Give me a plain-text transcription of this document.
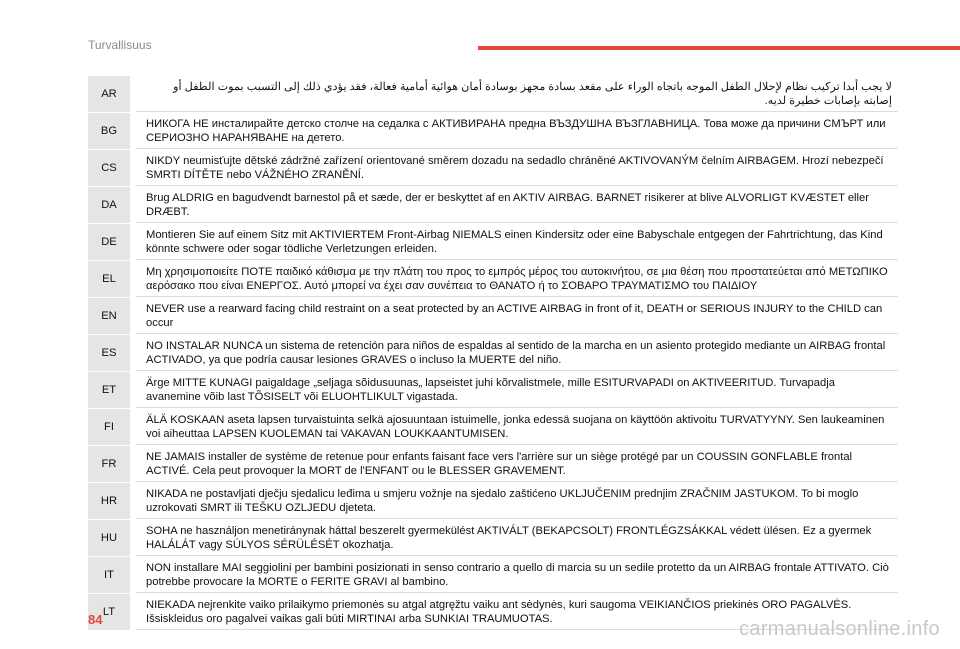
Turvallisuus
AR	لا يجب أبدا تركيب نظام لإحلال الطفل الموجه باتجاه الوراء على مقعد بسادة مجهز بوسادة أمان هوائية أمامية فعالة، فقد يؤدي ذلك إلى التسبب بموت الطفل أو إصابته بإصابات خطيرة لديه.
BG	НИКОГА НЕ инсталирайте детско столче на седалка с АКТИВИРАНА предна ВЪЗДУШНА ВЪЗГЛАВНИЦА. Това може да причини СМЪРТ или СЕРИОЗНО НАРАНЯВАНЕ на детето.
CS	NIKDY neumisťujte dětské zádržné zařízení orientované směrem dozadu na sedadlo chráněné AKTIVOVANÝM čelním AIRBAGEM. Hrozí nebezpečí SMRTI DÍTĚTE nebo VÁŽNÉHO ZRANĚNÍ.
DA	Brug ALDRIG en bagudvendt barnestol på et sæde, der er beskyttet af en AKTIV AIRBAG. BARNET risikerer at blive ALVORLIGT KVÆSTET eller DRÆBT.
DE	Montieren Sie auf einem Sitz mit AKTIVIERTEM Front-Airbag NIEMALS einen Kindersitz oder eine Babyschale entgegen der Fahrtrichtung, das Kind könnte schwere oder sogar tödliche Verletzungen erleiden.
EL	Μη χρησιμοποιείτε ΠΟΤΕ παιδικό κάθισμα με την πλάτη του προς το εμπρός μέρος του αυτοκινήτου, σε μια θέση που προστατεύεται από ΜΕΤΩΠΙΚΟ αερόσακο που είναι ΕΝΕΡΓΟΣ. Αυτό μπορεί να έχει σαν συνέπεια το ΘΑΝΑΤΟ ή το ΣΟΒΑΡΟ ΤΡΑΥΜΑΤΙΣΜΟ του ΠΑΙΔΙΟΥ
EN	NEVER use a rearward facing child restraint on a seat protected by an ACTIVE AIRBAG in front of it, DEATH or SERIOUS INJURY to the CHILD can occur
ES	NO INSTALAR NUNCA un sistema de retención para niños de espaldas al sentido de la marcha en un asiento protegido mediante un AIRBAG frontal ACTIVADO, ya que podría causar lesiones GRAVES o incluso la MUERTE del niño.
ET	Ärge MITTE KUNAGI paigaldage „seljaga sõidusuunas„ lapseistet juhi kõrvalistmele, mille ESITURVAPADI on AKTIVEERITUD. Turvapadja avanemine võib last TÕSISELT või ELUOHTLIKULT vigastada.
FI	ÄLÄ KOSKAAN aseta lapsen turvaistuinta selkä ajosuuntaan istuimelle, jonka edessä suojana on käyttöön aktivoitu TURVATYYNY. Sen laukeaminen voi aiheuttaa LAPSEN KUOLEMAN tai VAKAVAN LOUKKAANTUMISEN.
FR	NE JAMAIS installer de système de retenue pour enfants faisant face vers l'arrière sur un siège protégé par un COUSSIN GONFLABLE frontal ACTIVÉ. Cela peut provoquer la MORT de l'ENFANT ou le BLESSER GRAVEMENT.
HR	NIKADA ne postavljati dječju sjedalicu leđima u smjeru vožnje na sjedalo zaštićeno UKLJUČENIM prednjim ZRAČNIM JASTUKOM. To bi moglo uzrokovati SMRT ili TEŠKU OZLJEDU djeteta.
HU	SOHA ne használjon menetiránynak háttal beszerelt gyermekülést AKTIVÁLT (BEKAPCSOLT) FRONTLÉGZSÁKKAL védett ülésen. Ez a gyermek HALÁLÁT vagy SÚLYOS SÉRÜLÉSÉT okozhatja.
IT	NON installare MAI seggiolini per bambini posizionati in senso contrario a quello di marcia su un sedile protetto da un AIRBAG frontale ATTIVATO. Ciò potrebbe provocare la MORTE o FERITE GRAVI al bambino.
LT	NIEKADA nejrenkite vaiko prilaikymo priemonės su atgal atgręžtu vaiku ant sėdynės, kuri saugoma VEIKIANČIOS priekinės ORO PAGALVĖS. Išsiskleidus oro pagalvei vaikas gali būti MIRTINAI arba SUNKIAI TRAUMUOTAS.
84	carmanualsonline.info
